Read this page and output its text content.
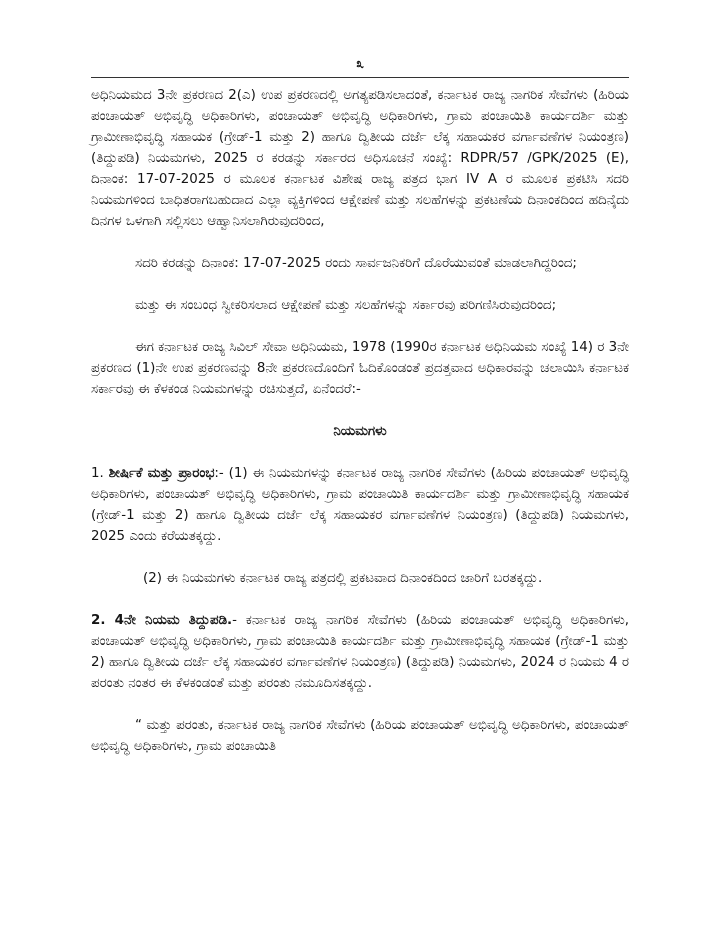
೩

ಅಧಿನಿಯಮದ 3ನೇ ಪ್ರಕರಣದ 2(ಎ) ಉಪ ಪ್ರಕರಣದಲ್ಲಿ ಅಗತ್ಯಪಡಿಸಲಾದಂತೆ, ಕರ್ನಾಟಕ ರಾಜ್ಯ ನಾಗರಿಕ ಸೇವೆಗಳು (ಹಿರಿಯ ಪಂಚಾಯತ್ ಅಭಿವೃದ್ಧಿ ಅಧಿಕಾರಿಗಳು, ಪಂಚಾಯತ್ ಅಭಿವೃದ್ಧಿ ಅಧಿಕಾರಿಗಳು, ಗ್ರಾಮ ಪಂಚಾಯಿತಿ ಕಾರ್ಯದರ್ಶಿ ಮತ್ತು ಗ್ರಾಮೀಣಾಭಿವೃದ್ಧಿ ಸಹಾಯಕ (ಗ್ರೇಡ್-1 ಮತ್ತು 2) ಹಾಗೂ ದ್ವಿತೀಯ ದರ್ಜೆ ಲೆಕ್ಕ ಸಹಾಯಕರ ವರ್ಗಾವಣೆಗಳ ನಿಯಂತ್ರಣ) (ತಿದ್ದುಪಡಿ) ನಿಯಮಗಳು, 2025 ರ ಕರಡನ್ನು ಸರ್ಕಾರದ ಅಧಿಸೂಚನೆ ಸಂಖ್ಯೆ: RDPR/57 /GPK/2025 (E), ದಿನಾಂಕ: 17-07-2025 ರ ಮೂಲಕ ಕರ್ನಾಟಕ ವಿಶೇಷ ರಾಜ್ಯ ಪತ್ರದ ಭಾಗ IV A ರ ಮೂಲಕ ಪ್ರಕಟಿಸಿ ಸದರಿ ನಿಯಮಗಳಿಂದ ಬಾಧಿತರಾಗಬಹುದಾದ ಎಲ್ಲಾ ವ್ಯಕ್ತಿಗಳಿಂದ ಆಕ್ಷೇಪಣೆ ಮತ್ತು ಸಲಹೆಗಳನ್ನು ಪ್ರಕಟಣೆಯ ದಿನಾಂಕದಿಂದ ಹದಿನೈದು ದಿನಗಳ ಒಳಗಾಗಿ ಸಲ್ಲಿಸಲು ಆಹ್ವಾನಿಸಲಾಗಿರುವುದರಿಂದ,

ಸದರಿ ಕರಡನ್ನು ದಿನಾಂಕ: 17-07-2025 ರಂದು ಸಾರ್ವಜನಿಕರಿಗೆ ದೊರೆಯುವಂತೆ ಮಾಡಲಾಗಿದ್ದರಿಂದ;

ಮತ್ತು ಈ ಸಂಬಂಧ ಸ್ವೀಕರಿಸಲಾದ ಆಕ್ಷೇಪಣೆ ಮತ್ತು ಸಲಹೆಗಳನ್ನು ಸರ್ಕಾರವು ಪರಿಗಣಿಸಿರುವುದರಿಂದ;

ಈಗ ಕರ್ನಾಟಕ ರಾಜ್ಯ ಸಿವಿಲ್ ಸೇವಾ ಅಧಿನಿಯಮ, 1978 (1990ರ ಕರ್ನಾಟಕ ಅಧಿನಿಯಮ ಸಂಖ್ಯೆ 14) ರ 3ನೇ ಪ್ರಕರಣದ (1)ನೇ ಉಪ ಪ್ರಕರಣವನ್ನು 8ನೇ ಪ್ರಕರಣದೊಂದಿಗೆ ಓದಿಕೊಂಡಂತೆ ಪ್ರದತ್ತವಾದ ಅಧಿಕಾರವನ್ನು ಚಲಾಯಿಸಿ ಕರ್ನಾಟಕ ಸರ್ಕಾರವು ಈ ಕೆಳಕಂಡ ನಿಯಮಗಳನ್ನು ರಚಿಸುತ್ತದೆ, ಏನೆಂದರೆ:-

ನಿಯಮಗಳು

1. ಶೀರ್ಷಿಕೆ ಮತ್ತು ಪ್ರಾರಂಭ:- (1) ಈ ನಿಯಮಗಳನ್ನು ಕರ್ನಾಟಕ ರಾಜ್ಯ ನಾಗರಿಕ ಸೇವೆಗಳು (ಹಿರಿಯ ಪಂಚಾಯತ್ ಅಭಿವೃದ್ಧಿ ಅಧಿಕಾರಿಗಳು, ಪಂಚಾಯತ್ ಅಭಿವೃದ್ಧಿ ಅಧಿಕಾರಿಗಳು, ಗ್ರಾಮ ಪಂಚಾಯಿತಿ ಕಾರ್ಯದರ್ಶಿ ಮತ್ತು ಗ್ರಾಮೀಣಾಭಿವೃದ್ಧಿ ಸಹಾಯಕ (ಗ್ರೇಡ್-1 ಮತ್ತು 2) ಹಾಗೂ ದ್ವಿತೀಯ ದರ್ಜೆ ಲೆಕ್ಕ ಸಹಾಯಕರ ವರ್ಗಾವಣೆಗಳ ನಿಯಂತ್ರಣ) (ತಿದ್ದುಪಡಿ) ನಿಯಮಗಳು, 2025 ಎಂದು ಕರೆಯತಕ್ಕದ್ದು.

(2) ಈ ನಿಯಮಗಳು ಕರ್ನಾಟಕ ರಾಜ್ಯ ಪತ್ರದಲ್ಲಿ ಪ್ರಕಟವಾದ ದಿನಾಂಕದಿಂದ ಜಾರಿಗೆ ಬರತಕ್ಕದ್ದು.

2. 4ನೇ ನಿಯಮ ತಿದ್ದುಪಡಿ.- ಕರ್ನಾಟಕ ರಾಜ್ಯ ನಾಗರಿಕ ಸೇವೆಗಳು (ಹಿರಿಯ ಪಂಚಾಯತ್ ಅಭಿವೃದ್ಧಿ ಅಧಿಕಾರಿಗಳು, ಪಂಚಾಯತ್ ಅಭಿವೃದ್ಧಿ ಅಧಿಕಾರಿಗಳು, ಗ್ರಾಮ ಪಂಚಾಯಿತಿ ಕಾರ್ಯದರ್ಶಿ ಮತ್ತು ಗ್ರಾಮೀಣಾಭಿವೃದ್ಧಿ ಸಹಾಯಕ (ಗ್ರೇಡ್-1 ಮತ್ತು 2) ಹಾಗೂ ದ್ವಿತೀಯ ದರ್ಜೆ ಲೆಕ್ಕ ಸಹಾಯಕರ ವರ್ಗಾವಣೆಗಳ ನಿಯಂತ್ರಣ) (ತಿದ್ದುಪಡಿ) ನಿಯಮಗಳು, 2024 ರ ನಿಯಮ 4 ರ ಪರಂತು ನಂತರ ಈ ಕೆಳಕಂಡಂತೆ ಮತ್ತು ಪರಂತು ನಮೂದಿಸತಕ್ಕದ್ದು.

“ ಮತ್ತು ಪರಂತು, ಕರ್ನಾಟಕ ರಾಜ್ಯ ನಾಗರಿಕ ಸೇವೆಗಳು (ಹಿರಿಯ ಪಂಚಾಯತ್ ಅಭಿವೃದ್ಧಿ ಅಧಿಕಾರಿಗಳು, ಪಂಚಾಯತ್ ಅಭಿವೃದ್ಧಿ ಅಧಿಕಾರಿಗಳು, ಗ್ರಾಮ ಪಂಚಾಯಿತಿ
